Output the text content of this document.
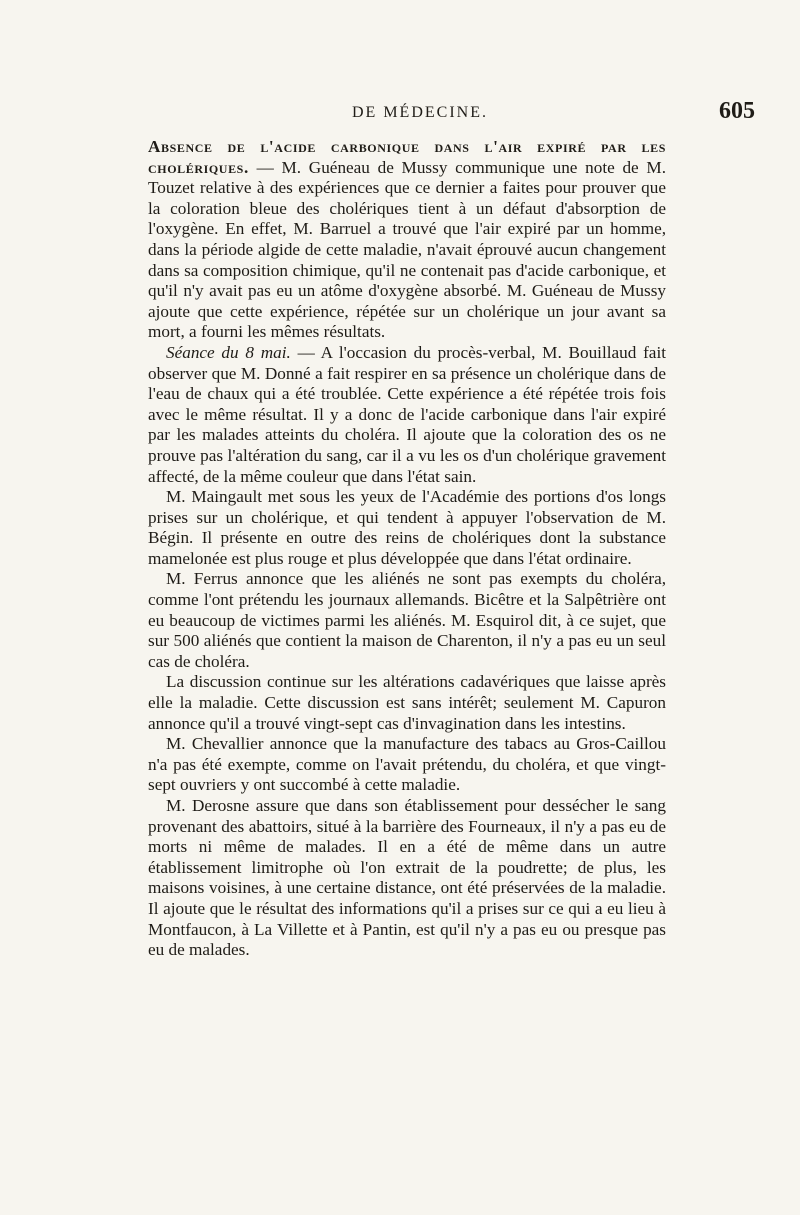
DE MÉDECINE.	605

Absence de l'acide carbonique dans l'air expiré par les cholériques. — M. Guéneau de Mussy communique une note de M. Touzet relative à des expériences que ce dernier a faites pour prouver que la coloration bleue des cholériques tient à un défaut d'absorption de l'oxygène. En effet, M. Barruel a trouvé que l'air expiré par un homme, dans la période algide de cette maladie, n'avait éprouvé aucun changement dans sa composition chimique, qu'il ne contenait pas d'acide carbonique, et qu'il n'y avait pas eu un atôme d'oxygène absorbé. M. Guéneau de Mussy ajoute que cette expérience, répétée sur un cholérique un jour avant sa mort, a fourni les mêmes résultats.

Séance du 8 mai. — A l'occasion du procès-verbal, M. Bouillaud fait observer que M. Donné a fait respirer en sa présence un cholérique dans de l'eau de chaux qui a été troublée. Cette expérience a été répétée trois fois avec le même résultat. Il y a donc de l'acide carbonique dans l'air expiré par les malades atteints du choléra. Il ajoute que la coloration des os ne prouve pas l'altération du sang, car il a vu les os d'un cholérique gravement affecté, de la même couleur que dans l'état sain.

M. Maingault met sous les yeux de l'Académie des portions d'os longs prises sur un cholérique, et qui tendent à appuyer l'observation de M. Bégin. Il présente en outre des reins de cholériques dont la substance mamelonée est plus rouge et plus développée que dans l'état ordinaire.

M. Ferrus annonce que les aliénés ne sont pas exempts du choléra, comme l'ont prétendu les journaux allemands. Bicêtre et la Salpêtrière ont eu beaucoup de victimes parmi les aliénés. M. Esquirol dit, à ce sujet, que sur 500 aliénés que contient la maison de Charenton, il n'y a pas eu un seul cas de choléra.

La discussion continue sur les altérations cadavériques que laisse après elle la maladie. Cette discussion est sans intérêt; seulement M. Capuron annonce qu'il a trouvé vingt-sept cas d'invagination dans les intestins.

M. Chevallier annonce que la manufacture des tabacs au Gros-Caillou n'a pas été exempte, comme on l'avait prétendu, du choléra, et que vingt-sept ouvriers y ont succombé à cette maladie.

M. Derosne assure que dans son établissement pour dessécher le sang provenant des abattoirs, situé à la barrière des Fourneaux, il n'y a pas eu de morts ni même de malades. Il en a été de même dans un autre établissement limitrophe où l'on extrait de la poudrette; de plus, les maisons voisines, à une certaine distance, ont été préservées de la maladie. Il ajoute que le résultat des informations qu'il a prises sur ce qui a eu lieu à Montfaucon, à La Villette et à Pantin, est qu'il n'y a pas eu ou presque pas eu de malades.
